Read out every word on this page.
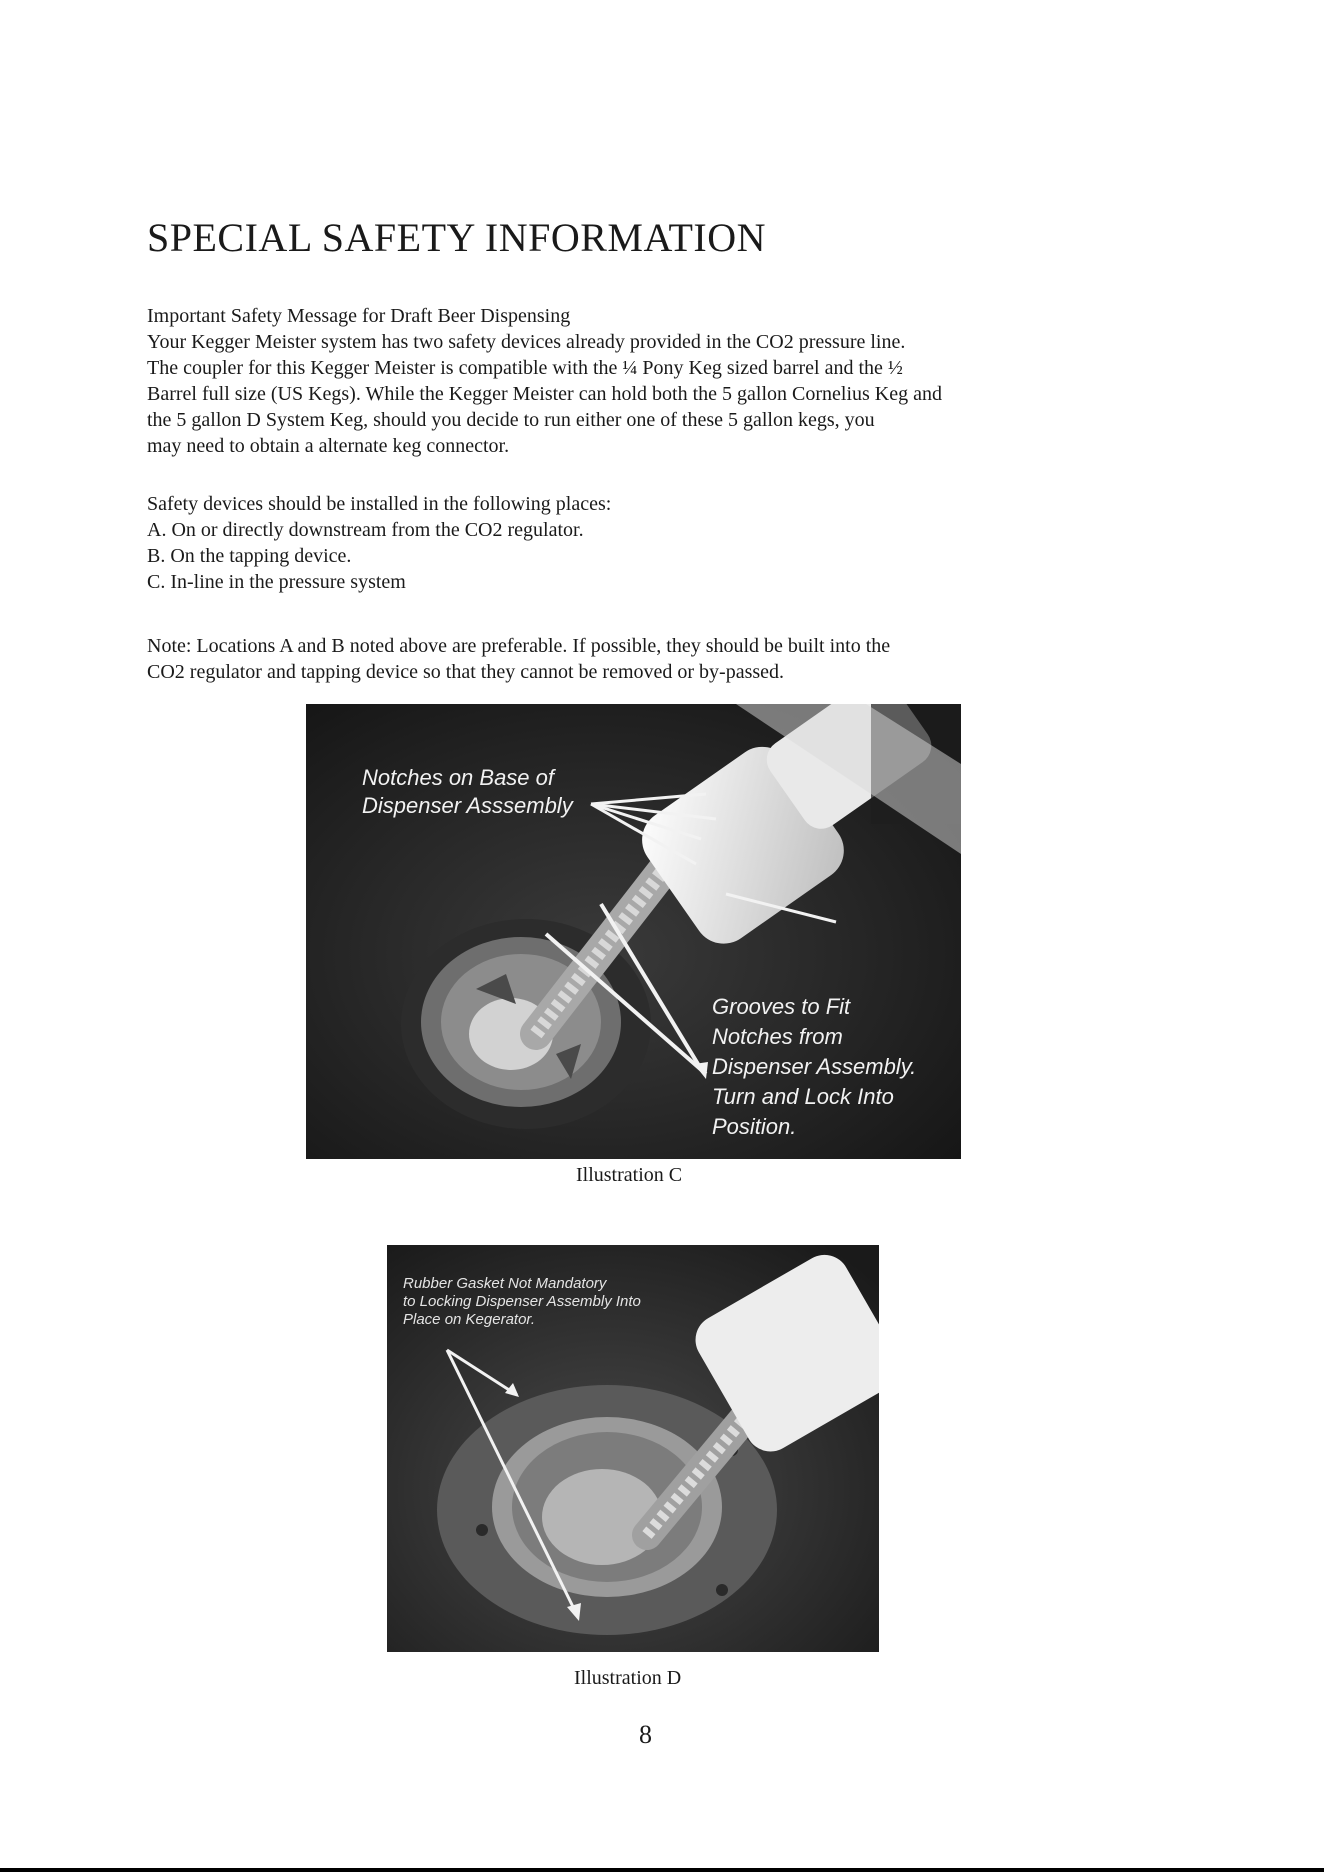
SPECIAL SAFETY INFORMATION
Important Safety Message for Draft Beer Dispensing
Your Kegger Meister system has two safety devices already provided in the CO2 pressure line.
The coupler for this Kegger Meister is compatible with the ¼ Pony Keg sized barrel and the ½
Barrel full size (US Kegs). While the Kegger Meister can hold both the 5 gallon Cornelius Keg and
the 5 gallon D System Keg, should you decide to run either one of these 5 gallon kegs, you
may need to obtain a alternate keg connector.
Safety devices should be installed in the following places:
A. On or directly downstream from the CO2 regulator.
B. On the tapping device.
C. In-line in the pressure system
Note: Locations A and B noted above are preferable. If possible, they should be built into the
CO2 regulator and tapping device so that they cannot be removed or by-passed.
Notches on Base of
Dispenser Asssembly
Grooves to Fit
Notches from
Dispenser Assembly.
Turn and Lock Into
Position.
Illustration C
Rubber Gasket Not Mandatory
to Locking Dispenser Assembly Into
Place on Kegerator.
Illustration D
8
